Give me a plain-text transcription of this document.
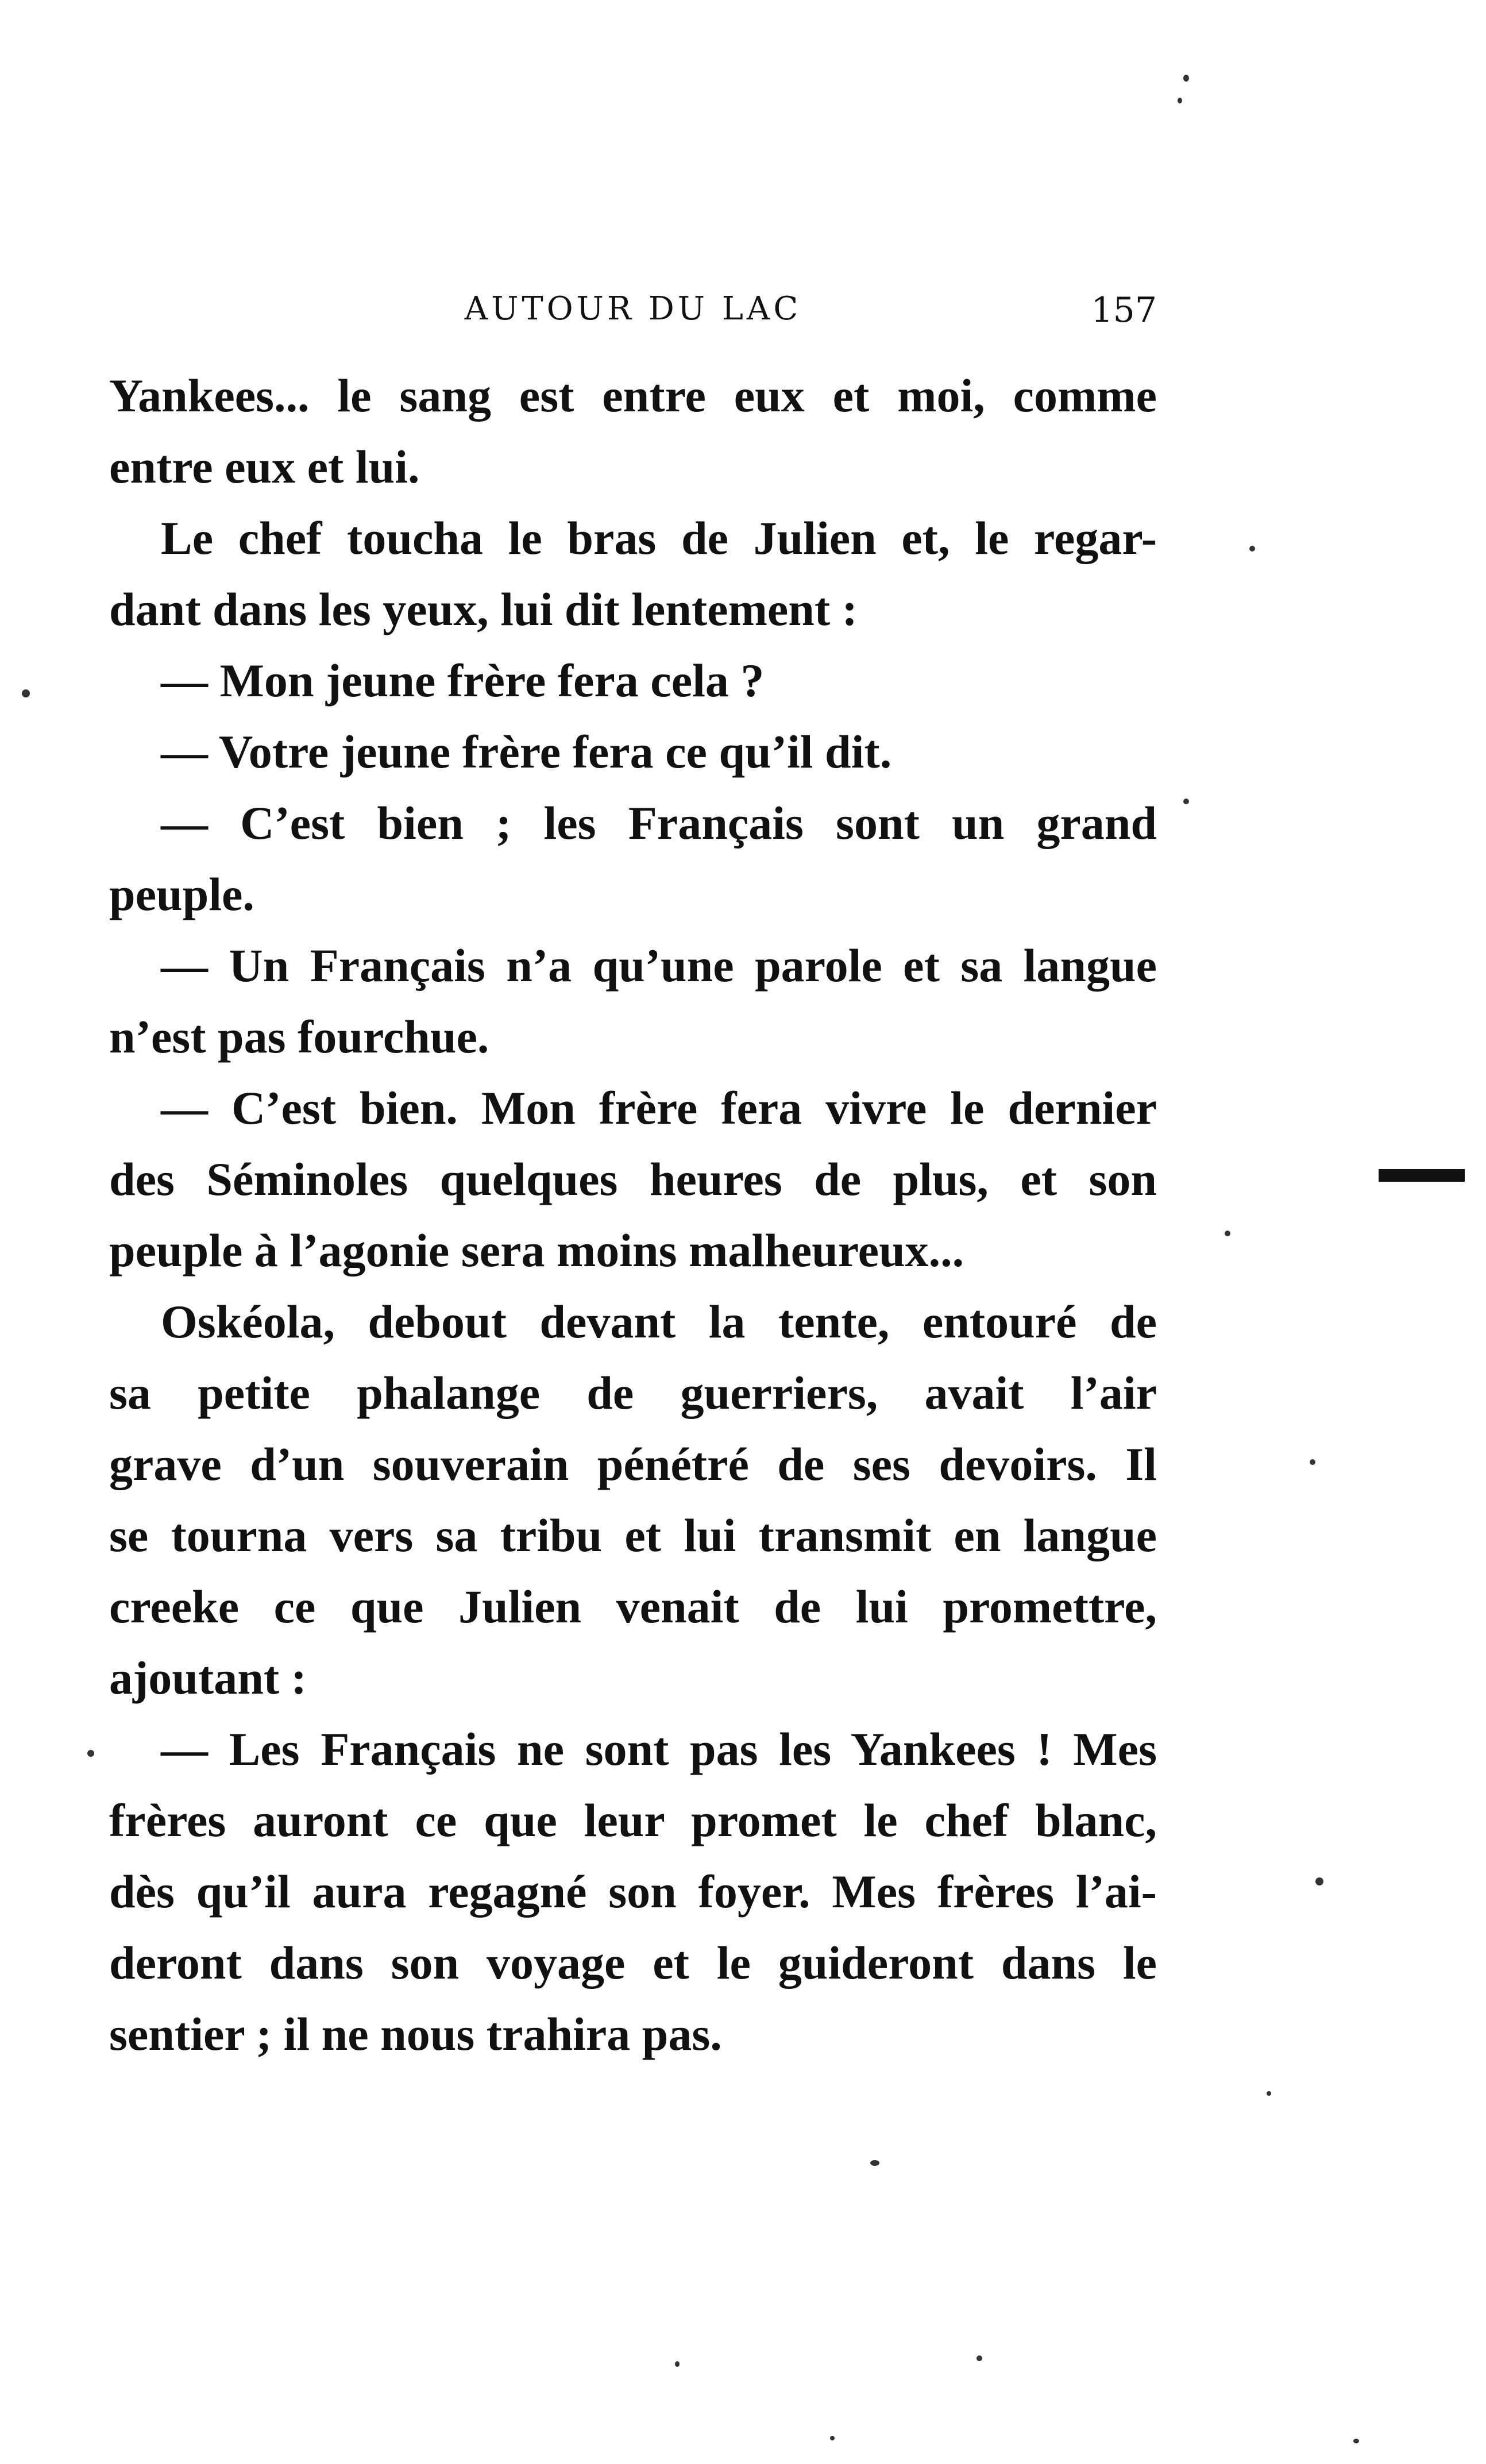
AUTOUR DU LAC	157
Yankees... le sang est entre eux et moi, comme
entre eux et lui.
Le chef toucha le bras de Julien et, le regar-
dant dans les yeux, lui dit lentement :
— Mon jeune frère fera cela ?
— Votre jeune frère fera ce qu’il dit.
— C’est bien ; les Français sont un grand
peuple.
— Un Français n’a qu’une parole et sa langue
n’est pas fourchue.
— C’est bien. Mon frère fera vivre le dernier
des Séminoles quelques heures de plus, et son
peuple à l’agonie sera moins malheureux...
Oskéola, debout devant la tente, entouré de
sa petite phalange de guerriers, avait l’air
grave d’un souverain pénétré de ses devoirs. Il
se tourna vers sa tribu et lui transmit en langue
creeke ce que Julien venait de lui promettre,
ajoutant :
— Les Français ne sont pas les Yankees ! Mes
frères auront ce que leur promet le chef blanc,
dès qu’il aura regagné son foyer. Mes frères l’ai-
deront dans son voyage et le guideront dans le
sentier ; il ne nous trahira pas.
